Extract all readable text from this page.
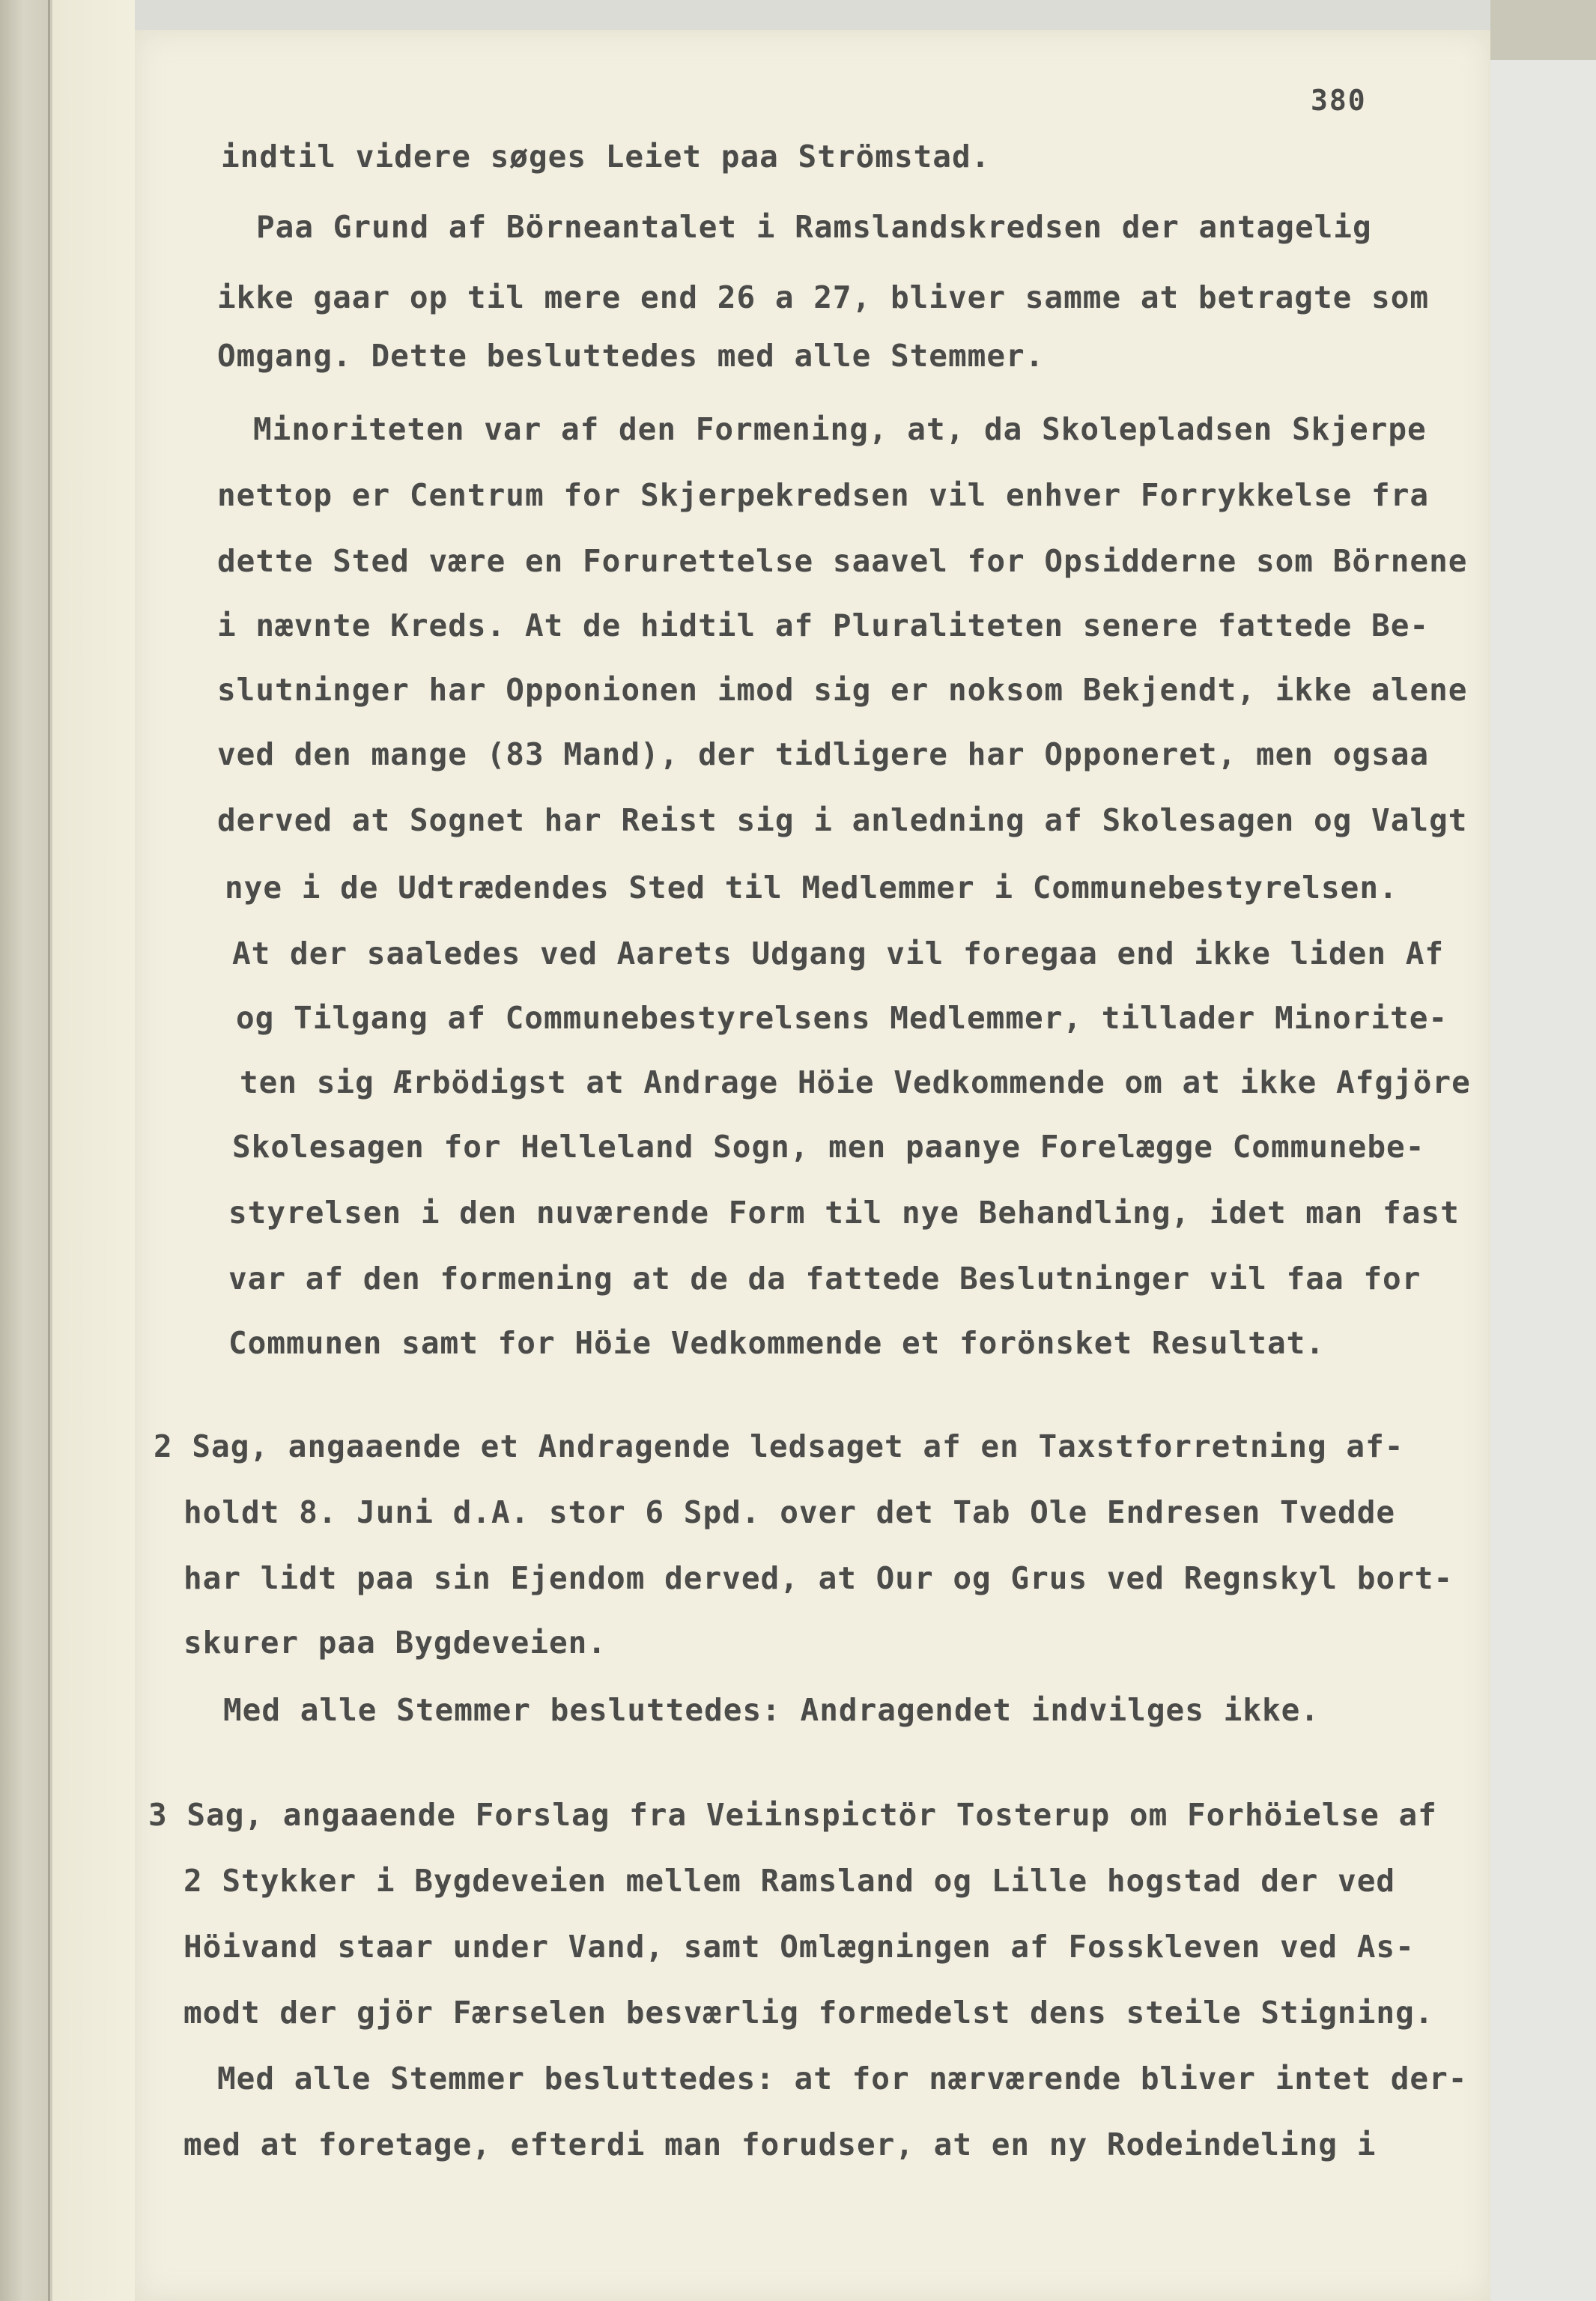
380
indtil videre søges Leiet paa Strömstad.
Paa Grund af Börneantalet i Ramslandskredsen der antagelig
ikke gaar op til mere end 26 a 27, bliver samme at betragte som
Omgang. Dette besluttedes med alle Stemmer.
Minoriteten var af den Formening, at, da Skolepladsen Skjerpe
nettop er Centrum for Skjerpekredsen vil enhver Forrykkelse fra
dette Sted være en Forurettelse saavel for Opsidderne som Börnene
i nævnte Kreds. At de hidtil af Pluraliteten senere fattede Be-
slutninger har Opponionen imod sig er noksom Bekjendt, ikke alene
ved den mange (83 Mand), der tidligere har Opponeret, men ogsaa
derved at Sognet har Reist sig i anledning af Skolesagen og Valgt
nye i de Udtrædendes Sted til Medlemmer i Communebestyrelsen.
At der saaledes ved Aarets Udgang vil foregaa end ikke liden Af
og Tilgang af Communebestyrelsens Medlemmer, tillader Minorite-
ten sig Ærbödigst at Andrage Höie Vedkommende om at ikke Afgjöre
Skolesagen for Helleland Sogn, men paanye Forelægge Communebe-
styrelsen i den nuværende Form til nye Behandling, idet man fast
var af den formening at de da fattede Beslutninger vil faa for
Communen samt for Höie Vedkommende et forönsket Resultat.
2 Sag, angaaende et Andragende ledsaget af en Taxstforretning af-
holdt 8. Juni d.A. stor 6 Spd. over det Tab Ole Endresen Tvedde
har lidt paa sin Ejendom derved, at Our og Grus ved Regnskyl bort-
skurer paa Bygdeveien.
Med alle Stemmer besluttedes: Andragendet indvilges ikke.
3 Sag, angaaende Forslag fra Veiinspictör Tosterup om Forhöielse af
2 Stykker i Bygdeveien mellem Ramsland og Lille hogstad der ved
Höivand staar under Vand, samt Omlægningen af Fosskleven ved As-
modt der gjör Færselen besværlig formedelst dens steile Stigning.
Med alle Stemmer besluttedes: at for nærværende bliver intet der-
med at foretage, efterdi man forudser, at en ny Rodeindeling i
